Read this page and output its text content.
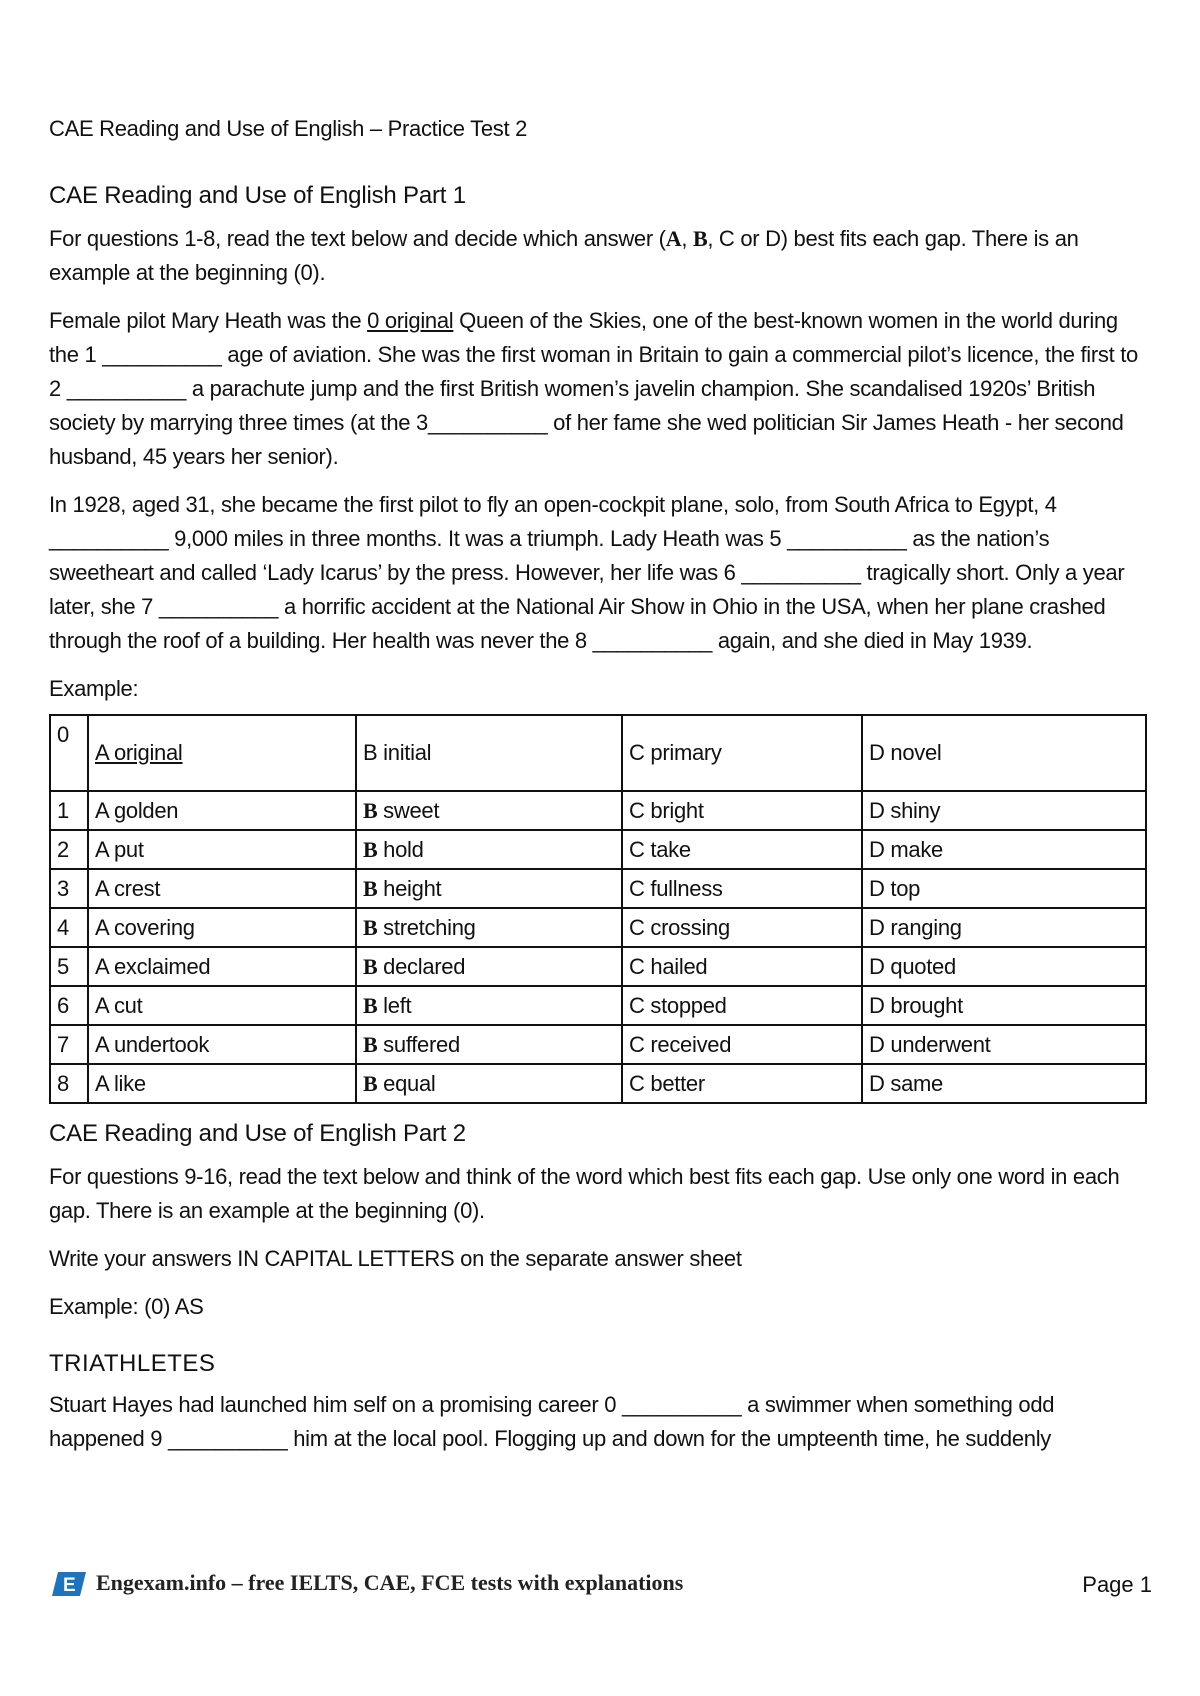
CAE Reading and Use of English – Practice Test 2
CAE Reading and Use of English Part 1

For questions 1-8, read the text below and decide which answer (A, B, C or D) best fits each gap. There is an example at the beginning (0).

Female pilot Mary Heath was the 0 original Queen of the Skies, one of the best-known women in the world during the 1 __________ age of aviation. She was the first woman in Britain to gain a commercial pilot’s licence, the first to 2 __________ a parachute jump and the first British women’s javelin champion. She scandalised 1920s’ British society by marrying three times (at the 3__________ of her fame she wed politician Sir James Heath - her second husband, 45 years her senior).

In 1928, aged 31, she became the first pilot to fly an open-cockpit plane, solo, from South Africa to Egypt, 4 __________ 9,000 miles in three months. It was a triumph. Lady Heath was 5 __________ as the nation’s sweetheart and called ‘Lady Icarus’ by the press. However, her life was 6 __________ tragically short. Only a year later, she 7 __________ a horrific accident at the National Air Show in Ohio in the USA, when her plane crashed through the roof of a building. Her health was never the 8 __________ again, and she died in May 1939.

Example:

0	A original	B initial	C primary	D novel
1	A golden	B sweet	C bright	D shiny
2	A put	B hold	C take	D make
3	A crest	B height	C fullness	D top
4	A covering	B stretching	C crossing	D ranging
5	A exclaimed	B declared	C hailed	D quoted
6	A cut	B left	C stopped	D brought
7	A undertook	B suffered	C received	D underwent
8	A like	B equal	C better	D same
CAE Reading and Use of English Part 2

For questions 9-16, read the text below and think of the word which best fits each gap. Use only one word in each gap. There is an example at the beginning (0).

Write your answers IN CAPITAL LETTERS on the separate answer sheet

Example: (0) AS

TRIATHLETES

Stuart Hayes had launched him self on a promising career 0 __________ a swimmer when something odd happened 9 __________ him at the local pool. Flogging up and down for the umpteenth time, he suddenly

E Engexam.info – free IELTS, CAE, FCE tests with explanations	Page 1
